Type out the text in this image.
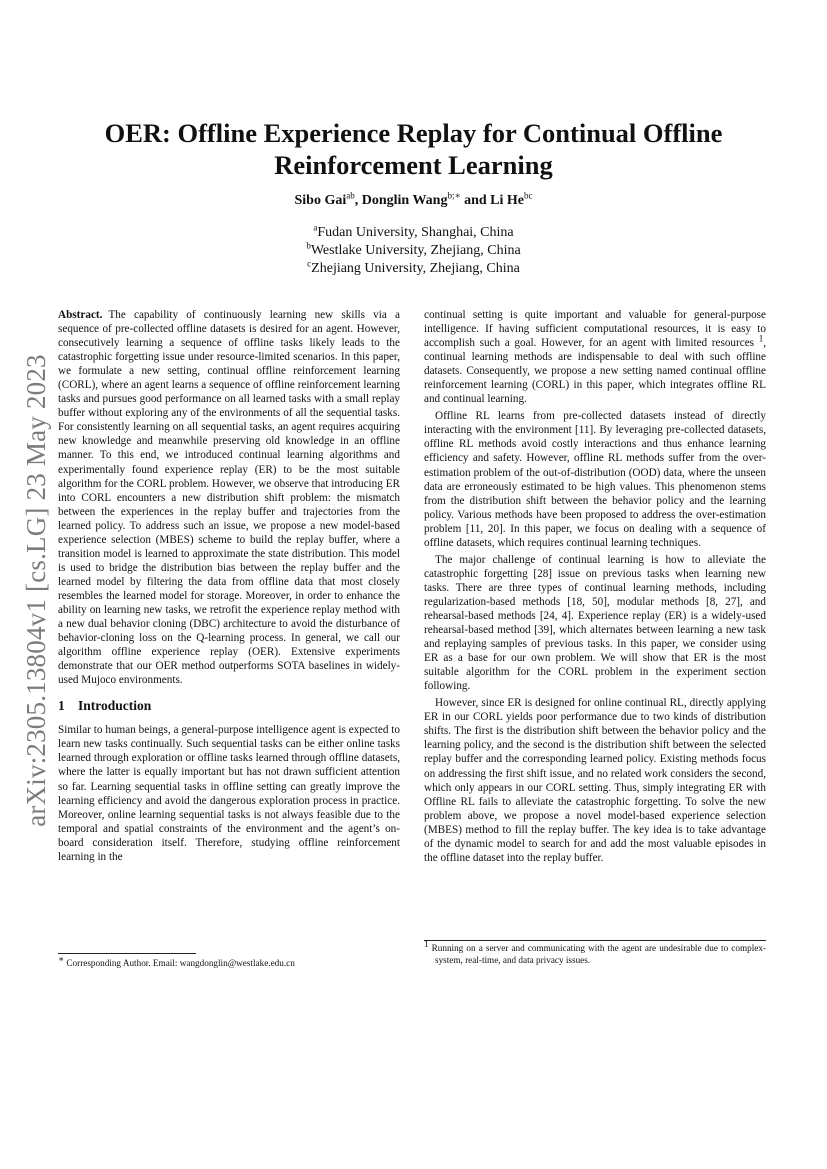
arXiv:2305.13804v1 [cs.LG] 23 May 2023
OER: Offline Experience Replay for Continual Offline Reinforcement Learning
Sibo Gai$^{ab}$, Donglin Wang$^{b;∗}$ and Li $He^{bc}$
$^a$Fudan University, Shanghai, China
$^b$Westlake University, Zhejiang, China
$^c$Zhejiang University, Zhejiang, China

Abstract. The capability of continuously learning new skills via a sequence of pre-collected offline datasets is desired for an agent. However, consecutively learning a sequence of offline tasks likely leads to the catastrophic forgetting issue under resource-limited scenarios. In this paper, we formulate a new setting, continual offline reinforcement learning (CORL), where an agent learns a sequence of offline reinforcement learning tasks and pursues good performance on all learned tasks with a small replay buffer without exploring any of the environments of all the sequential tasks. For consistently learning on all sequential tasks, an agent requires acquiring new knowledge and meanwhile preserving old knowledge in an offline manner. To this end, we introduced continual learning algorithms and experimentally found experience replay (ER) to be the most suitable algorithm for the CORL problem. However, we observe that introducing ER into CORL encounters a new distribution shift problem: the mismatch between the experiences in the replay buffer and trajectories from the learned policy. To address such an issue, we propose a new model-based experience selection (MBES) scheme to build the replay buffer, where a transition model is learned to approximate the state distribution. This model is used to bridge the distribution bias between the replay buffer and the learned model by filtering the data from offline data that most closely resembles the learned model for storage. Moreover, in order to enhance the ability on learning new tasks, we retrofit the experience replay method with a new dual behavior cloning (DBC) architecture to avoid the disturbance of behavior-cloning loss on the Q-learning process. In general, we call our algorithm offline experience replay (OER). Extensive experiments demonstrate that our OER method outperforms SOTA baselines in widely-used Mujoco environments.

1 Introduction

Similar to human beings, a general-purpose intelligence agent is expected to learn new tasks continually. Such sequential tasks can be either online tasks learned through exploration or offline tasks learned through offline datasets, where the latter is equally important but has not drawn sufficient attention so far. Learning sequential tasks in offline setting can greatly improve the learning efficiency and avoid the dangerous exploration process in practice. Moreover, online learning sequential tasks is not always feasible due to the temporal and spatial constraints of the environment and the agent’s on-board consideration itself. Therefore, studying offline reinforcement learning in the

∗ Corresponding Author. Email: wangdonglin@westlake.edu.cn

continual setting is quite important and valuable for general-purpose intelligence. If having sufficient computational resources, it is easy to accomplish such a goal. However, for an agent with limited resources $^1$, continual learning methods are indispensable to deal with such offline datasets. Consequently, we propose a new setting named continual offline reinforcement learning (CORL) in this paper, which integrates offline RL and continual learning.

Offline RL learns from pre-collected datasets instead of directly interacting with the environment [11]. By leveraging pre-collected datasets, offline RL methods avoid costly interactions and thus enhance learning efficiency and safety. However, offline RL methods suffer from the over-estimation problem of the out-of-distribution (OOD) data, where the unseen data are erroneously estimated to be high values. This phenomenon stems from the distribution shift between the behavior policy and the learning policy. Various methods have been proposed to address the over-estimation problem [11, 20]. In this paper, we focus on dealing with a sequence of offline datasets, which requires continual learning techniques.

The major challenge of continual learning is how to alleviate the catastrophic forgetting [28] issue on previous tasks when learning new tasks. There are three types of continual learning methods, including regularization-based methods [18, 50], modular methods [8, 27], and rehearsal-based methods [24, 4]. Experience replay (ER) is a widely-used rehearsal-based method [39], which alternates between learning a new task and replaying samples of previous tasks. In this paper, we consider using ER as a base for our own problem. We will show that ER is the most suitable algorithm for the CORL problem in the experiment section following.

However, since ER is designed for online continual RL, directly applying ER in our CORL yields poor performance due to two kinds of distribution shifts. The first is the distribution shift between the behavior policy and the learning policy, and the second is the distribution shift between the selected replay buffer and the corresponding learned policy. Existing methods focus on addressing the first shift issue, and no related work considers the second, which only appears in our CORL setting. Thus, simply integrating ER with Offline RL fails to alleviate the catastrophic forgetting. To solve the new problem above, we propose a novel model-based experience selection (MBES) method to fill the replay buffer. The key idea is to take advantage of the dynamic model to search for and add the most valuable episodes in the offline dataset into the replay buffer.

$^1$ Running on a server and communicating with the agent are undesirable due to complex-system, real-time, and data privacy issues.
